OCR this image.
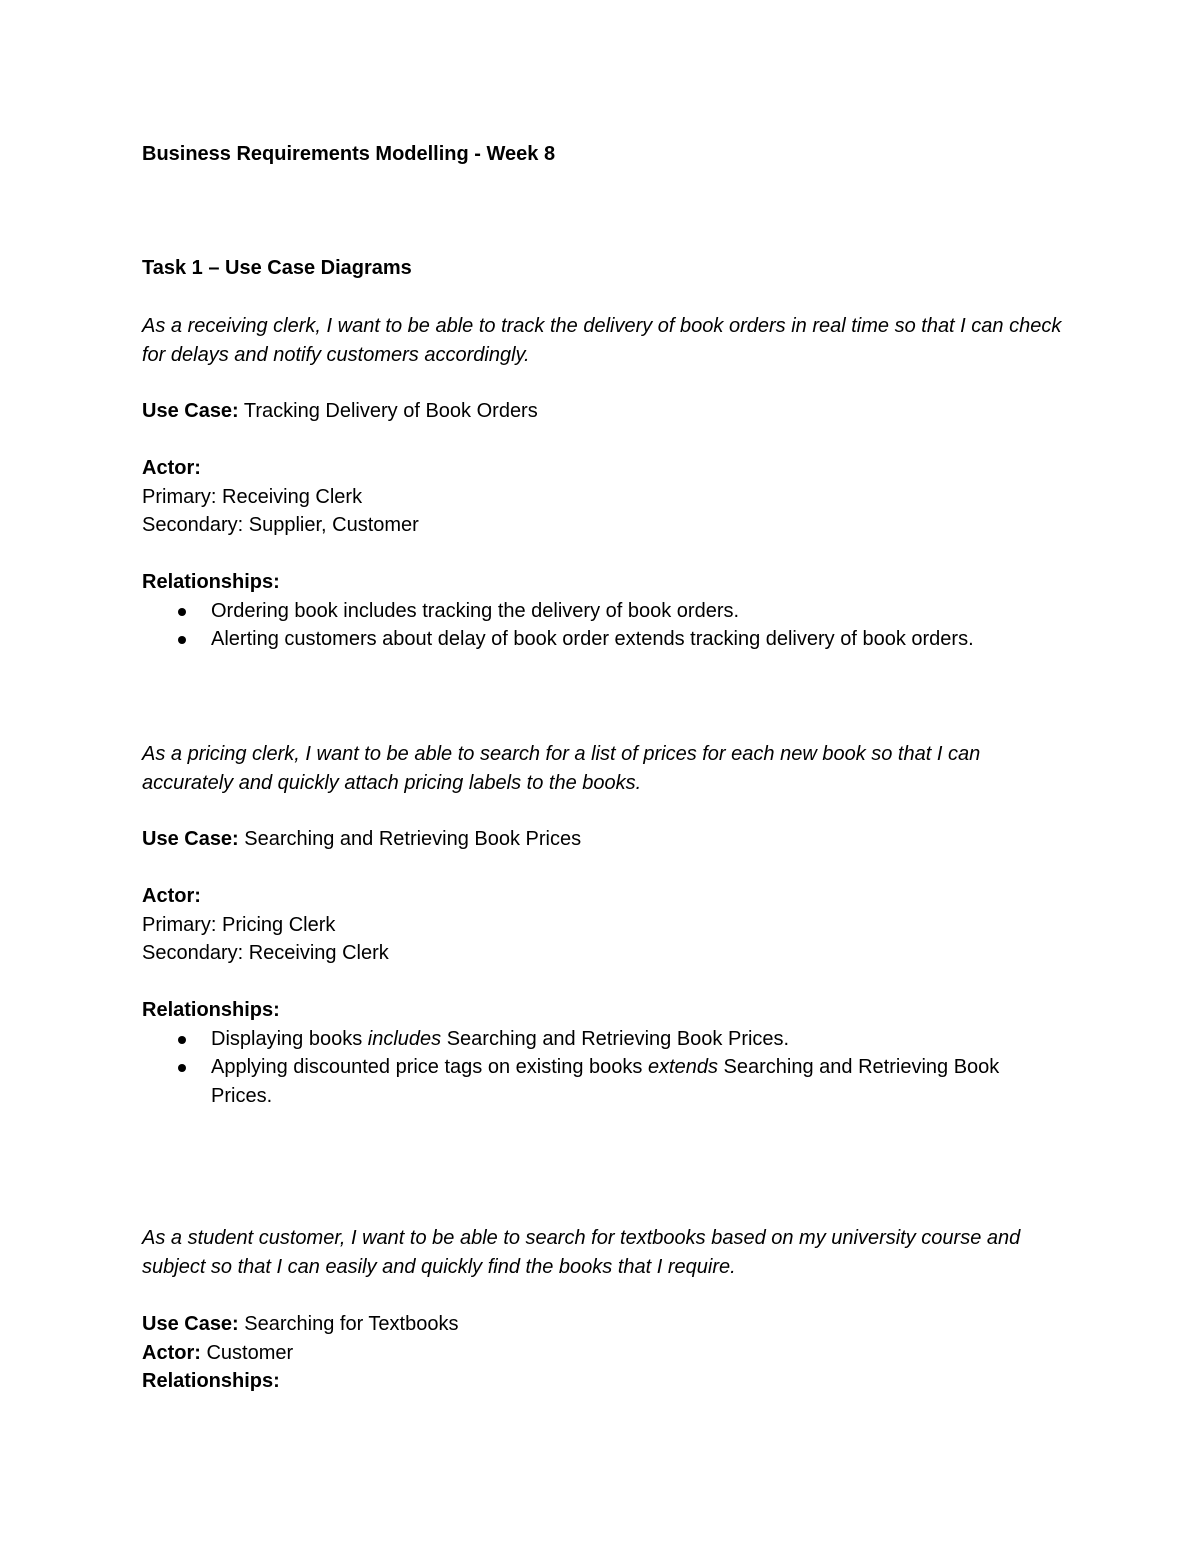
Business Requirements Modelling - Week 8
Task 1 – Use Case Diagrams

As a receiving clerk, I want to be able to track the delivery of book orders in real time so that I can check for delays and notify customers accordingly.

Use Case: Tracking Delivery of Book Orders

Actor:

Primary: Receiving Clerk

Secondary: Supplier, Customer

Relationships:

Ordering book includes tracking the delivery of book orders.
Alerting customers about delay of book order extends tracking delivery of book orders.

As a pricing clerk, I want to be able to search for a list of prices for each new book so that I can accurately and quickly attach pricing labels to the books.

Use Case: Searching and Retrieving Book Prices

Actor:

Primary: Pricing Clerk

Secondary: Receiving Clerk

Relationships:

Displaying books includes Searching and Retrieving Book Prices.
Applying discounted price tags on existing books extends Searching and Retrieving Book Prices.

As a student customer, I want to be able to search for textbooks based on my university course and subject so that I can easily and quickly find the books that I require.

Use Case: Searching for Textbooks

Actor: Customer

Relationships:
